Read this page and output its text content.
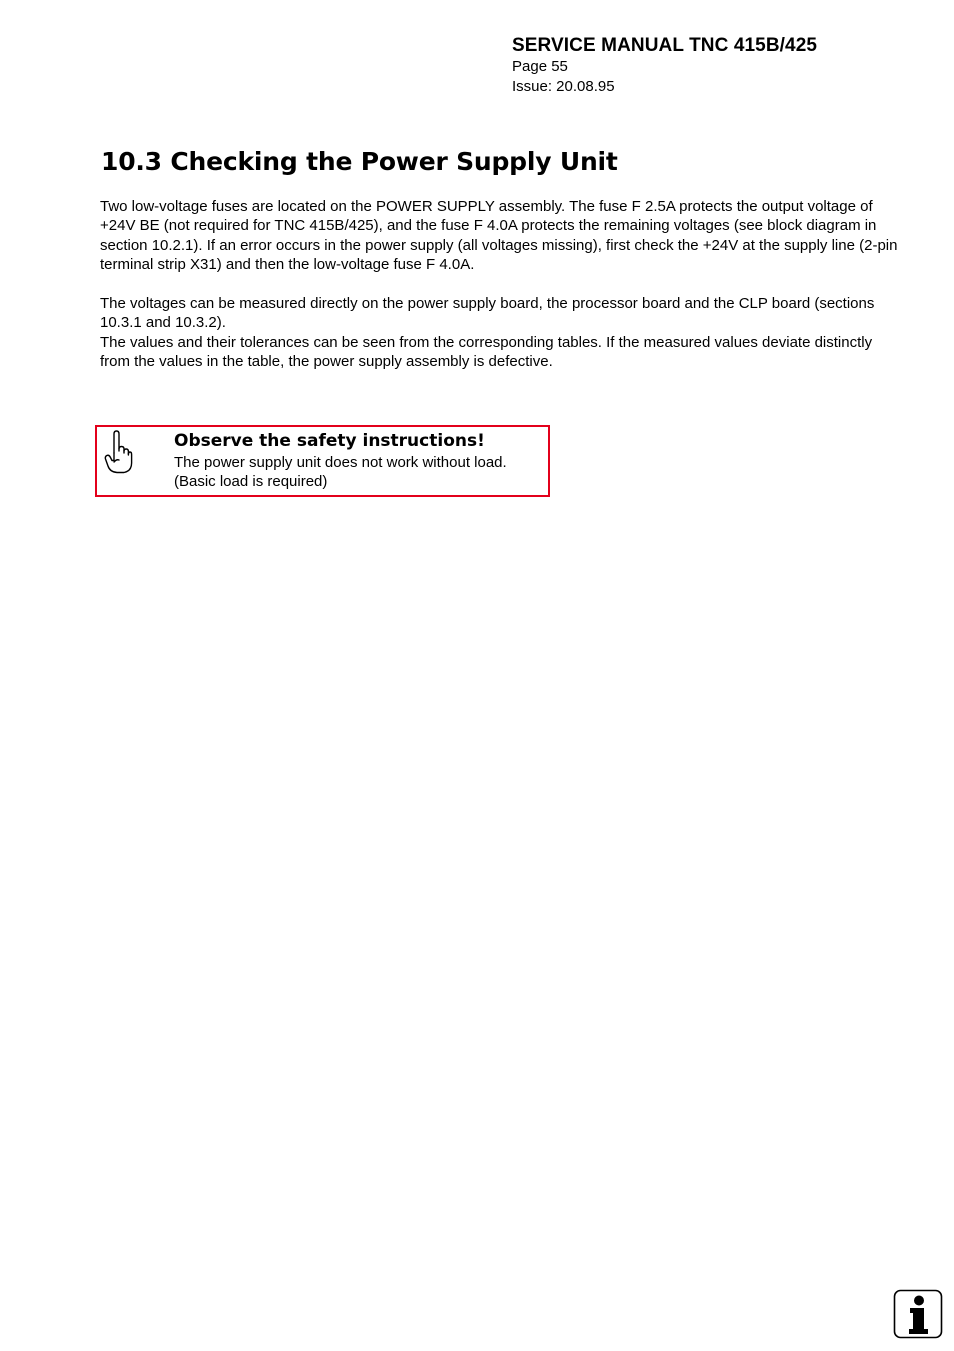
SERVICE MANUAL TNC 415B/425
Page 55
Issue: 20.08.95
10.3 Checking the Power Supply Unit

Two low-voltage fuses are located on the POWER SUPPLY assembly. The fuse F 2.5A protects the output voltage of +24V BE (not required for TNC 415B/425), and the fuse F 4.0A protects the remaining voltages (see block diagram in section 10.2.1). If an error occurs in the power supply (all voltages missing), first check the +24V at the supply line (2-pin terminal strip X31) and then the low-voltage fuse F 4.0A.

The voltages can be measured directly on the power supply board, the processor board and the CLP board (sections 10.3.1 and 10.3.2).

The values and their tolerances can be seen from the corresponding tables. If the measured values deviate distinctly from the values in the table, the power supply assembly is defective.

Observe the safety instructions!
The power supply unit does not work without load.
(Basic load is required)
